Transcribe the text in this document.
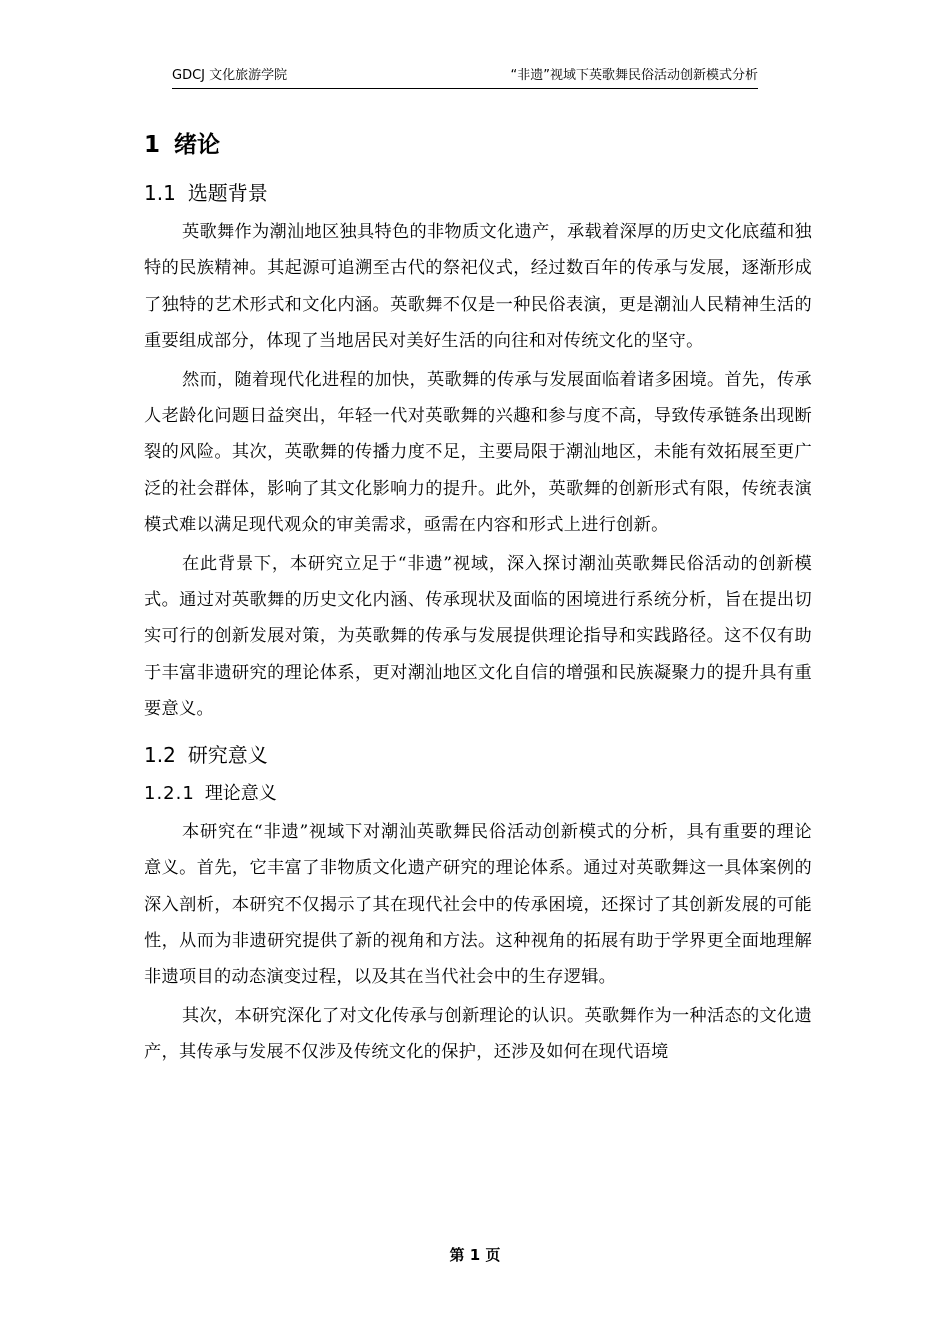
GDCJ 文化旅游学院	“非遗”视域下英歌舞民俗活动创新模式分析
1 绪论
1.1 选题背景

英歌舞作为潮汕地区独具特色的非物质文化遗产，承载着深厚的历史文化底蕴和独特的民族精神。其起源可追溯至古代的祭祀仪式，经过数百年的传承与发展，逐渐形成了独特的艺术形式和文化内涵。英歌舞不仅是一种民俗表演，更是潮汕人民精神生活的重要组成部分，体现了当地居民对美好生活的向往和对传统文化的坚守。

然而，随着现代化进程的加快，英歌舞的传承与发展面临着诸多困境。首先，传承人老龄化问题日益突出，年轻一代对英歌舞的兴趣和参与度不高，导致传承链条出现断裂的风险。其次，英歌舞的传播力度不足，主要局限于潮汕地区，未能有效拓展至更广泛的社会群体，影响了其文化影响力的提升。此外，英歌舞的创新形式有限，传统表演模式难以满足现代观众的审美需求，亟需在内容和形式上进行创新。

在此背景下，本研究立足于“非遗”视域，深入探讨潮汕英歌舞民俗活动的创新模式。通过对英歌舞的历史文化内涵、传承现状及面临的困境进行系统分析，旨在提出切实可行的创新发展对策，为英歌舞的传承与发展提供理论指导和实践路径。这不仅有助于丰富非遗研究的理论体系，更对潮汕地区文化自信的增强和民族凝聚力的提升具有重要意义。

1.2 研究意义
1.2.1 理论意义

本研究在“非遗”视域下对潮汕英歌舞民俗活动创新模式的分析，具有重要的理论意义。首先，它丰富了非物质文化遗产研究的理论体系。通过对英歌舞这一具体案例的深入剖析，本研究不仅揭示了其在现代社会中的传承困境，还探讨了其创新发展的可能性，从而为非遗研究提供了新的视角和方法。这种视角的拓展有助于学界更全面地理解非遗项目的动态演变过程，以及其在当代社会中的生存逻辑。

其次，本研究深化了对文化传承与创新理论的认识。英歌舞作为一种活态的文化遗产，其传承与发展不仅涉及传统文化的保护，还涉及如何在现代语境

第 1 页
